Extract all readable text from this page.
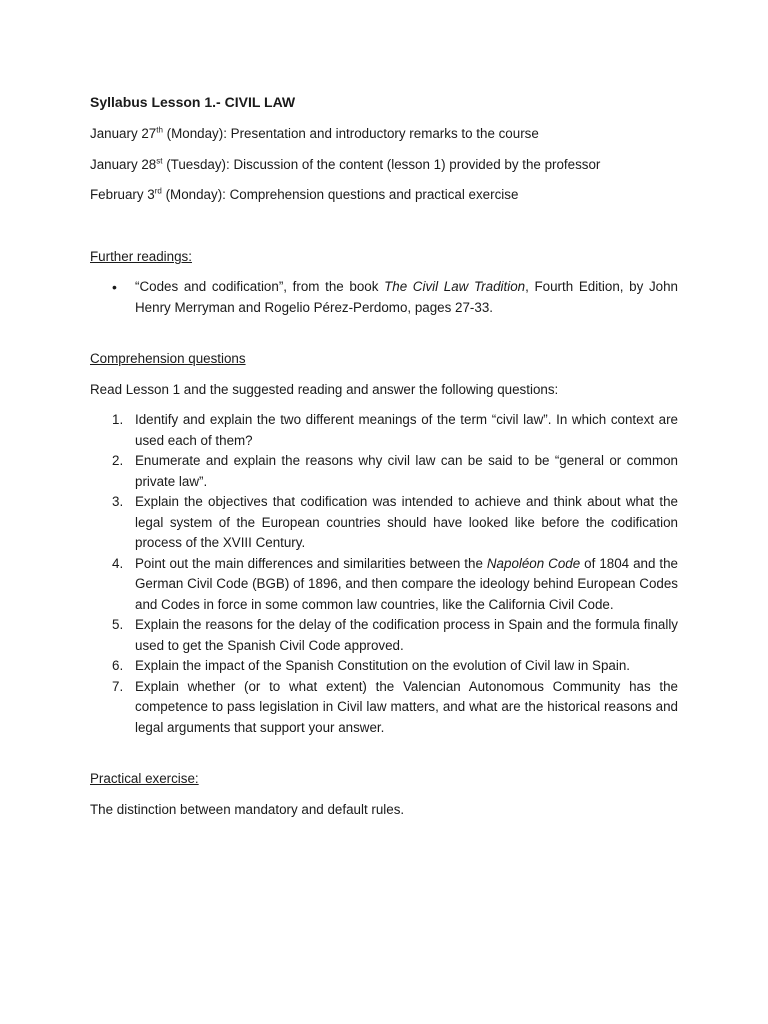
Syllabus Lesson 1.- CIVIL LAW
January 27th (Monday): Presentation and introductory remarks to the course
January 28st (Tuesday): Discussion of the content (lesson 1) provided by the professor
February 3rd (Monday): Comprehension questions and practical exercise
Further readings:
• “Codes and codification”, from the book The Civil Law Tradition, Fourth Edition, by John Henry Merryman and Rogelio Pérez-Perdomo, pages 27-33.
Comprehension questions
Read Lesson 1 and the suggested reading and answer the following questions:
1. Identify and explain the two different meanings of the term “civil law”. In which context are used each of them?
2. Enumerate and explain the reasons why civil law can be said to be “general or common private law”.
3. Explain the objectives that codification was intended to achieve and think about what the legal system of the European countries should have looked like before the codification process of the XVIII Century.
4. Point out the main differences and similarities between the Napoléon Code of 1804 and the German Civil Code (BGB) of 1896, and then compare the ideology behind European Codes and Codes in force in some common law countries, like the California Civil Code.
5. Explain the reasons for the delay of the codification process in Spain and the formula finally used to get the Spanish Civil Code approved.
6. Explain the impact of the Spanish Constitution on the evolution of Civil law in Spain.
7. Explain whether (or to what extent) the Valencian Autonomous Community has the competence to pass legislation in Civil law matters, and what are the historical reasons and legal arguments that support your answer.
Practical exercise:
The distinction between mandatory and default rules.
